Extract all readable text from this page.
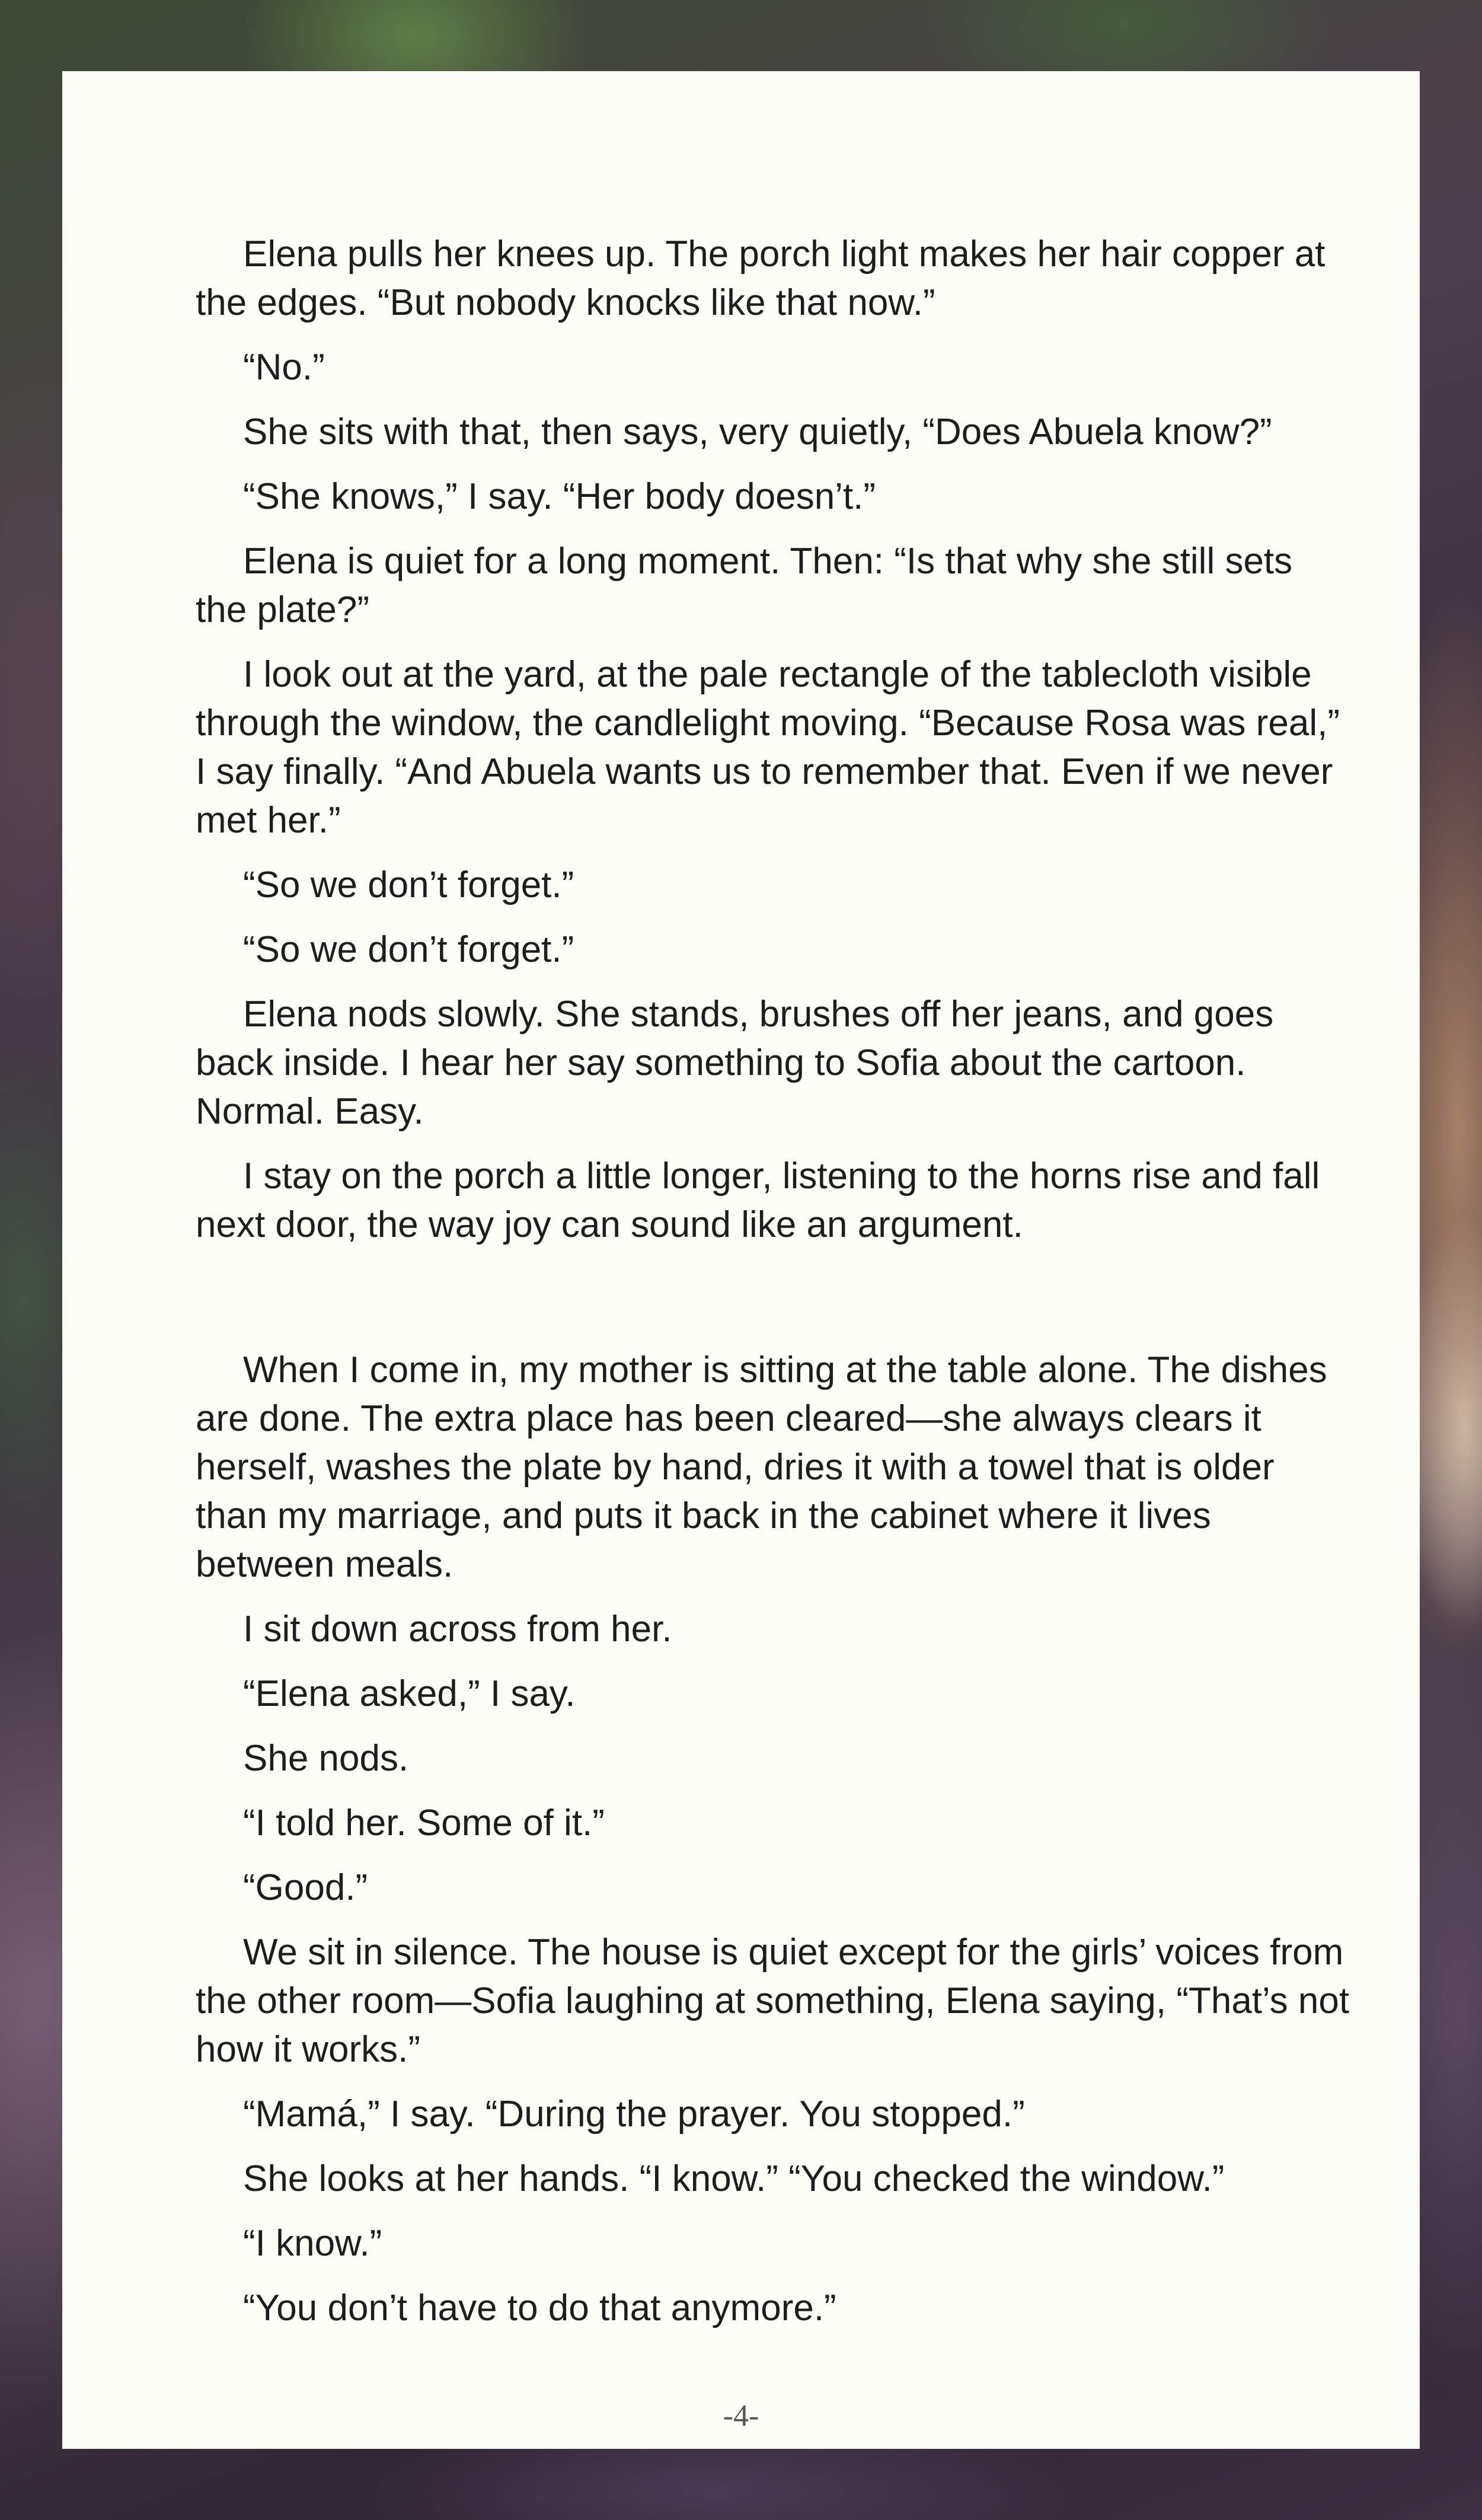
Elena pulls her knees up. The porch light makes her hair copper at the edges. “But nobody knocks like that now.”

“No.”

She sits with that, then says, very quietly, “Does Abuela know?”

“She knows,” I say. “Her body doesn’t.”

Elena is quiet for a long moment. Then: “Is that why she still sets the plate?”

I look out at the yard, at the pale rectangle of the tablecloth visible through the window, the candlelight moving. “Because Rosa was real,” I say finally. “And Abuela wants us to remember that. Even if we never met her.”

“So we don’t forget.”

“So we don’t forget.”

Elena nods slowly. She stands, brushes off her jeans, and goes back inside. I hear her say something to Sofia about the cartoon. Normal. Easy.

I stay on the porch a little longer, listening to the horns rise and fall next door, the way joy can sound like an argument.

When I come in, my mother is sitting at the table alone. The dishes are done. The extra place has been cleared—she always clears it herself, washes the plate by hand, dries it with a towel that is older than my marriage, and puts it back in the cabinet where it lives between meals.

I sit down across from her.

“Elena asked,” I say.

She nods.

“I told her. Some of it.”

“Good.”

We sit in silence. The house is quiet except for the girls’ voices from the other room—Sofia laughing at something, Elena saying, “That’s not how it works.”

“Mamá,” I say. “During the prayer. You stopped.”

She looks at her hands. “I know.” “You checked the window.”

“I know.”

“You don’t have to do that anymore.”

-4-
